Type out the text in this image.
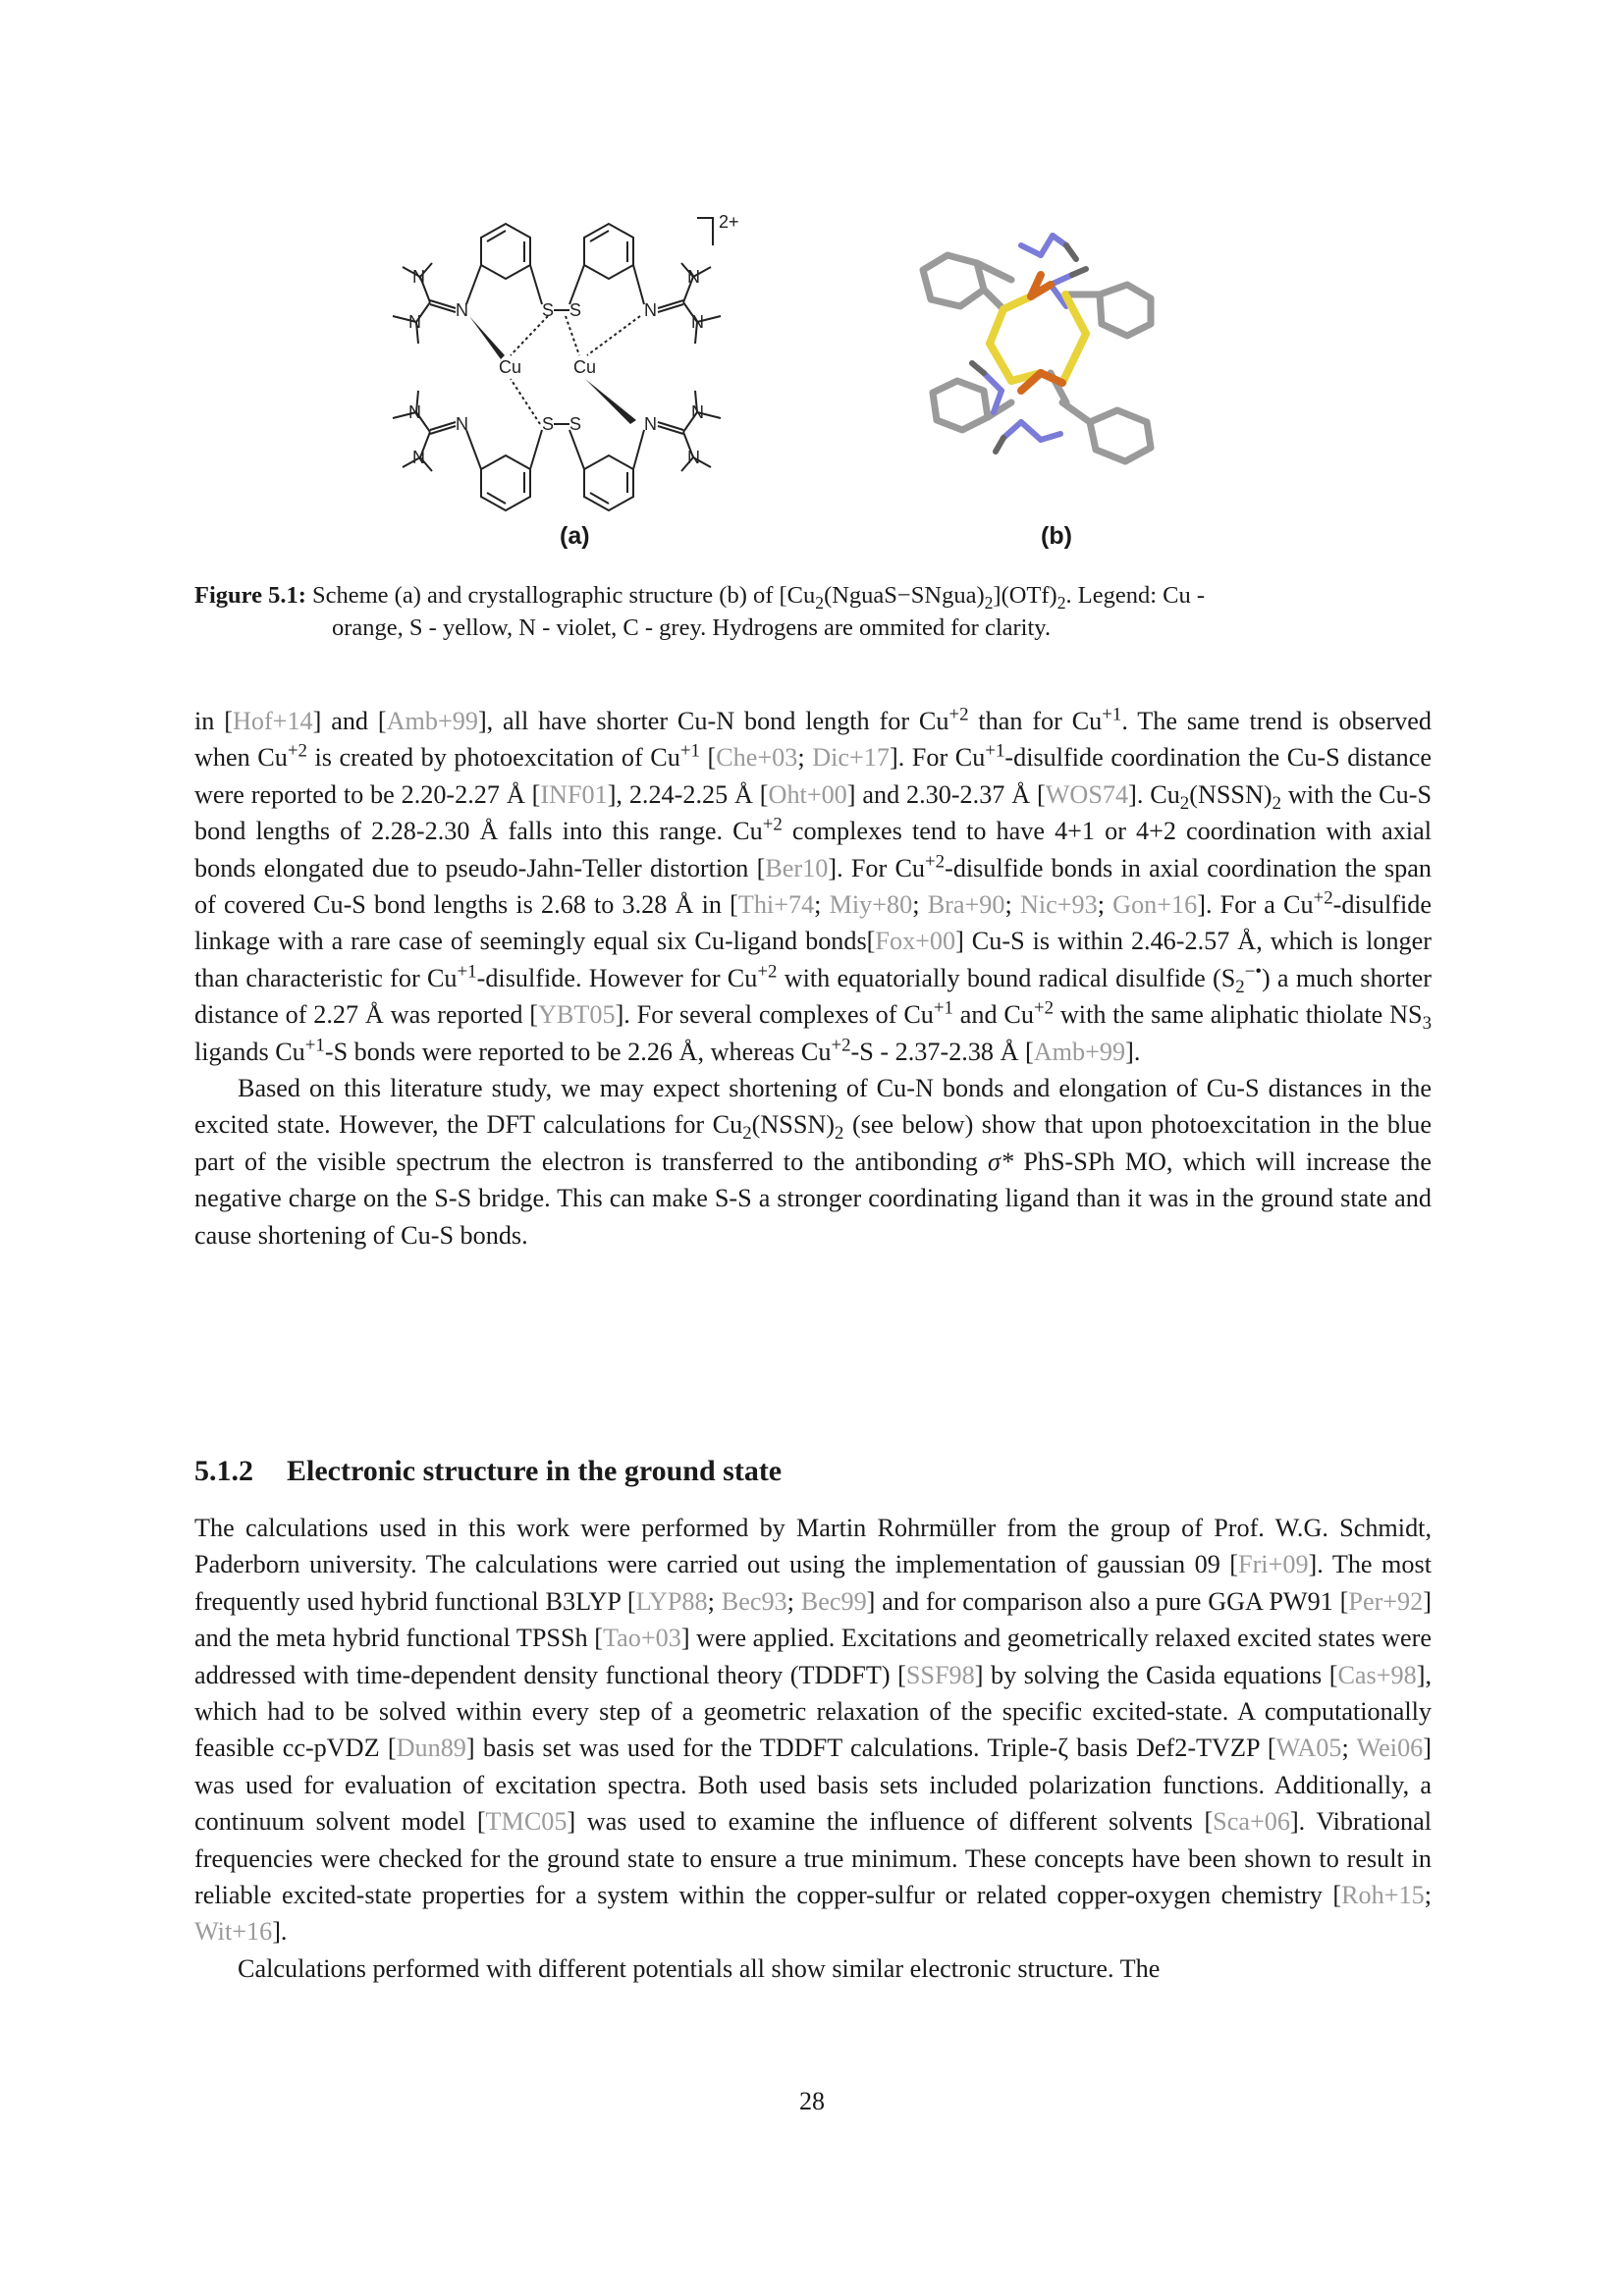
2+
N	S S	N
Cu	Cu
N	S S	N
N
N
N
N
N
N
N
N
(a)	(b)
Figure 5.1: Scheme (a) and crystallographic structure (b) of $[Cu_2(NguaS-SNgua)_2](OTf)_2$. Legend: Cu -
orange, S - yellow, N - violet, C - grey. Hydrogens are ommited for clarity.

in [Hof+14] and [Amb+99], all have shorter Cu-N bond length for $Cu^{+2}$ than for $Cu^{+1}$. The same trend is observed when $Cu^{+2}$ is created by photoexcitation of $Cu^{+1}$ [Che+03; Dic+17]. For $Cu^{+1}$-disulfide coordination the Cu-S distance were reported to be 2.20-2.27 Å [INF01], 2.24-2.25 Å [Oht+00] and 2.30-2.37 Å [WOS74]. $Cu_2(NSSN)_2$ with the Cu-S bond lengths of 2.28-2.30 Å falls into this range. $Cu^{+2}$ complexes tend to have 4+1 or 4+2 coordination with axial bonds elongated due to pseudo-Jahn-Teller distortion [Ber10]. For $Cu^{+2}$-disulfide bonds in axial coordination the span of covered Cu-S bond lengths is 2.68 to 3.28 Å in [Thi+74; Miy+80; Bra+90; Nic+93; Gon+16]. For a $Cu^{+2}$-disulfide linkage with a rare case of seemingly equal six Cu-ligand bonds[Fox+00] Cu-S is within 2.46-2.57 Å, which is longer than characteristic for $Cu^{+1}$-disulfide. However for $Cu^{+2}$ with equatorially bound radical disulfide $(S_2^{-•})$ a much shorter distance of 2.27 Å was reported [YBT05]. For several complexes of $Cu^{+1}$ and $Cu^{+2}$ with the same aliphatic thiolate $NS_3$ ligands $Cu^{+1}-S$ bonds were reported to be 2.26 Å, whereas $Cu^{+2}-S - 2.37-2.38$ Å [Amb+99].

Based on this literature study, we may expect shortening of Cu-N bonds and elongation of Cu-S distances in the excited state. However, the DFT calculations for $Cu_2(NSSN)_2$ (see below) show that upon photoexcitation in the blue part of the visible spectrum the electron is transferred to the antibonding σ* PhS-SPh MO, which will increase the negative charge on the S-S bridge. This can make S-S a stronger coordinating ligand than it was in the ground state and cause shortening of Cu-S bonds.

5.1.2 Electronic structure in the ground state

The calculations used in this work were performed by Martin Rohrmüller from the group of Prof. W.G. Schmidt, Paderborn university. The calculations were carried out using the implementation of gaussian 09 [Fri+09]. The most frequently used hybrid functional B3LYP [LYP88; Bec93; Bec99] and for comparison also a pure GGA PW91 [Per+92] and the meta hybrid functional TPSSh [Tao+03] were applied. Excitations and geometrically relaxed excited states were addressed with time-dependent density functional theory (TDDFT) [SSF98] by solving the Casida equations [Cas+98], which had to be solved within every step of a geometric relaxation of the specific excited-state. A computationally feasible cc-pVDZ [Dun89] basis set was used for the TDDFT calculations. Triple-ζ basis Def2-TVZP [WA05; Wei06] was used for evaluation of excitation spectra. Both used basis sets included polarization functions. Additionally, a continuum solvent model [TMC05] was used to examine the influence of different solvents [Sca+06]. Vibrational frequencies were checked for the ground state to ensure a true minimum. These concepts have been shown to result in reliable excited-state properties for a system within the copper-sulfur or related copper-oxygen chemistry [Roh+15; Wit+16].

Calculations performed with different potentials all show similar electronic structure. The

28
